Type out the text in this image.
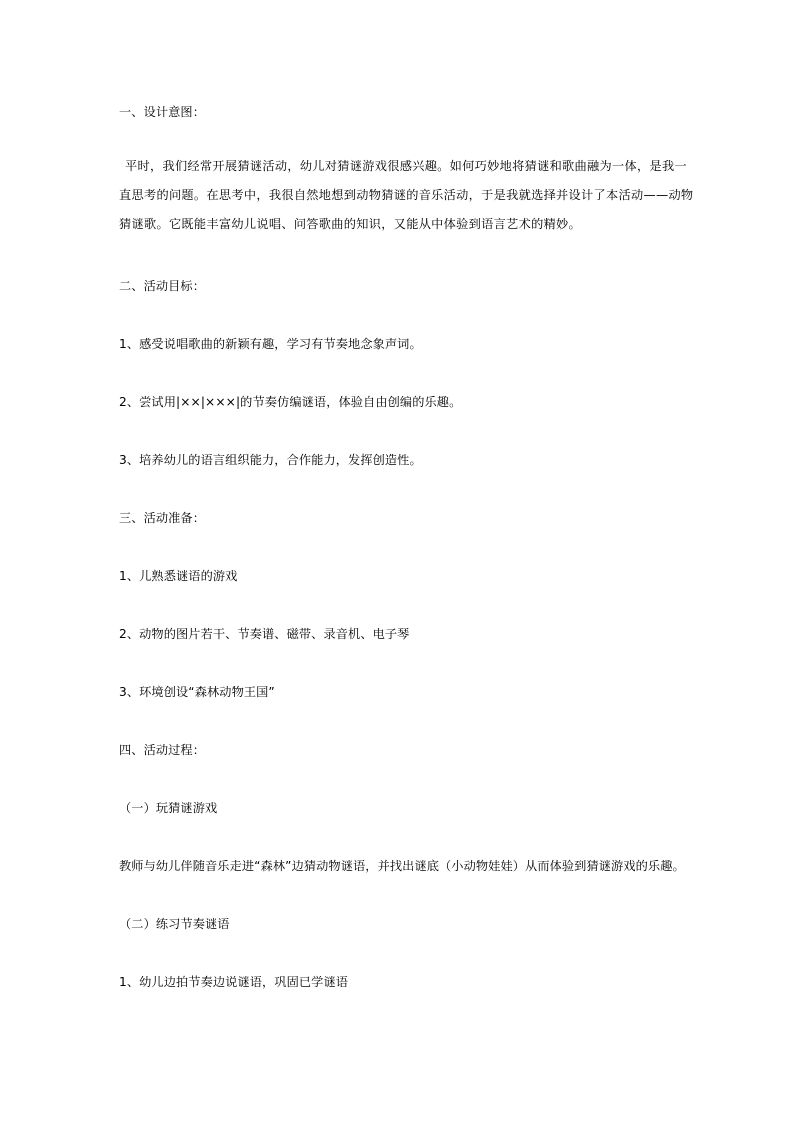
一、设计意图：
平时，我们经常开展猜谜活动，幼儿对猜谜游戏很感兴趣。如何巧妙地将猜谜和歌曲融为一体，是我一
直思考的问题。在思考中，我很自然地想到动物猜谜的音乐活动，于是我就选择并设计了本活动——动物
猜谜歌。它既能丰富幼儿说唱、问答歌曲的知识，又能从中体验到语言艺术的精妙。
二、活动目标：
1、感受说唱歌曲的新颖有趣，学习有节奏地念象声词。
2、尝试用|××|×××|的节奏仿编谜语，体验自由创编的乐趣。
3、培养幼儿的语言组织能力，合作能力，发挥创造性。
三、活动准备：
1、儿熟悉谜语的游戏
2、动物的图片若干、节奏谱、磁带、录音机、电子琴
3、环境创设“森林动物王国”
四、活动过程：
（一）玩猜谜游戏
教师与幼儿伴随音乐走进“森林”边猜动物谜语，并找出谜底（小动物娃娃）从而体验到猜谜游戏的乐趣。
（二）练习节奏谜语
1、幼儿边拍节奏边说谜语，巩固已学谜语
